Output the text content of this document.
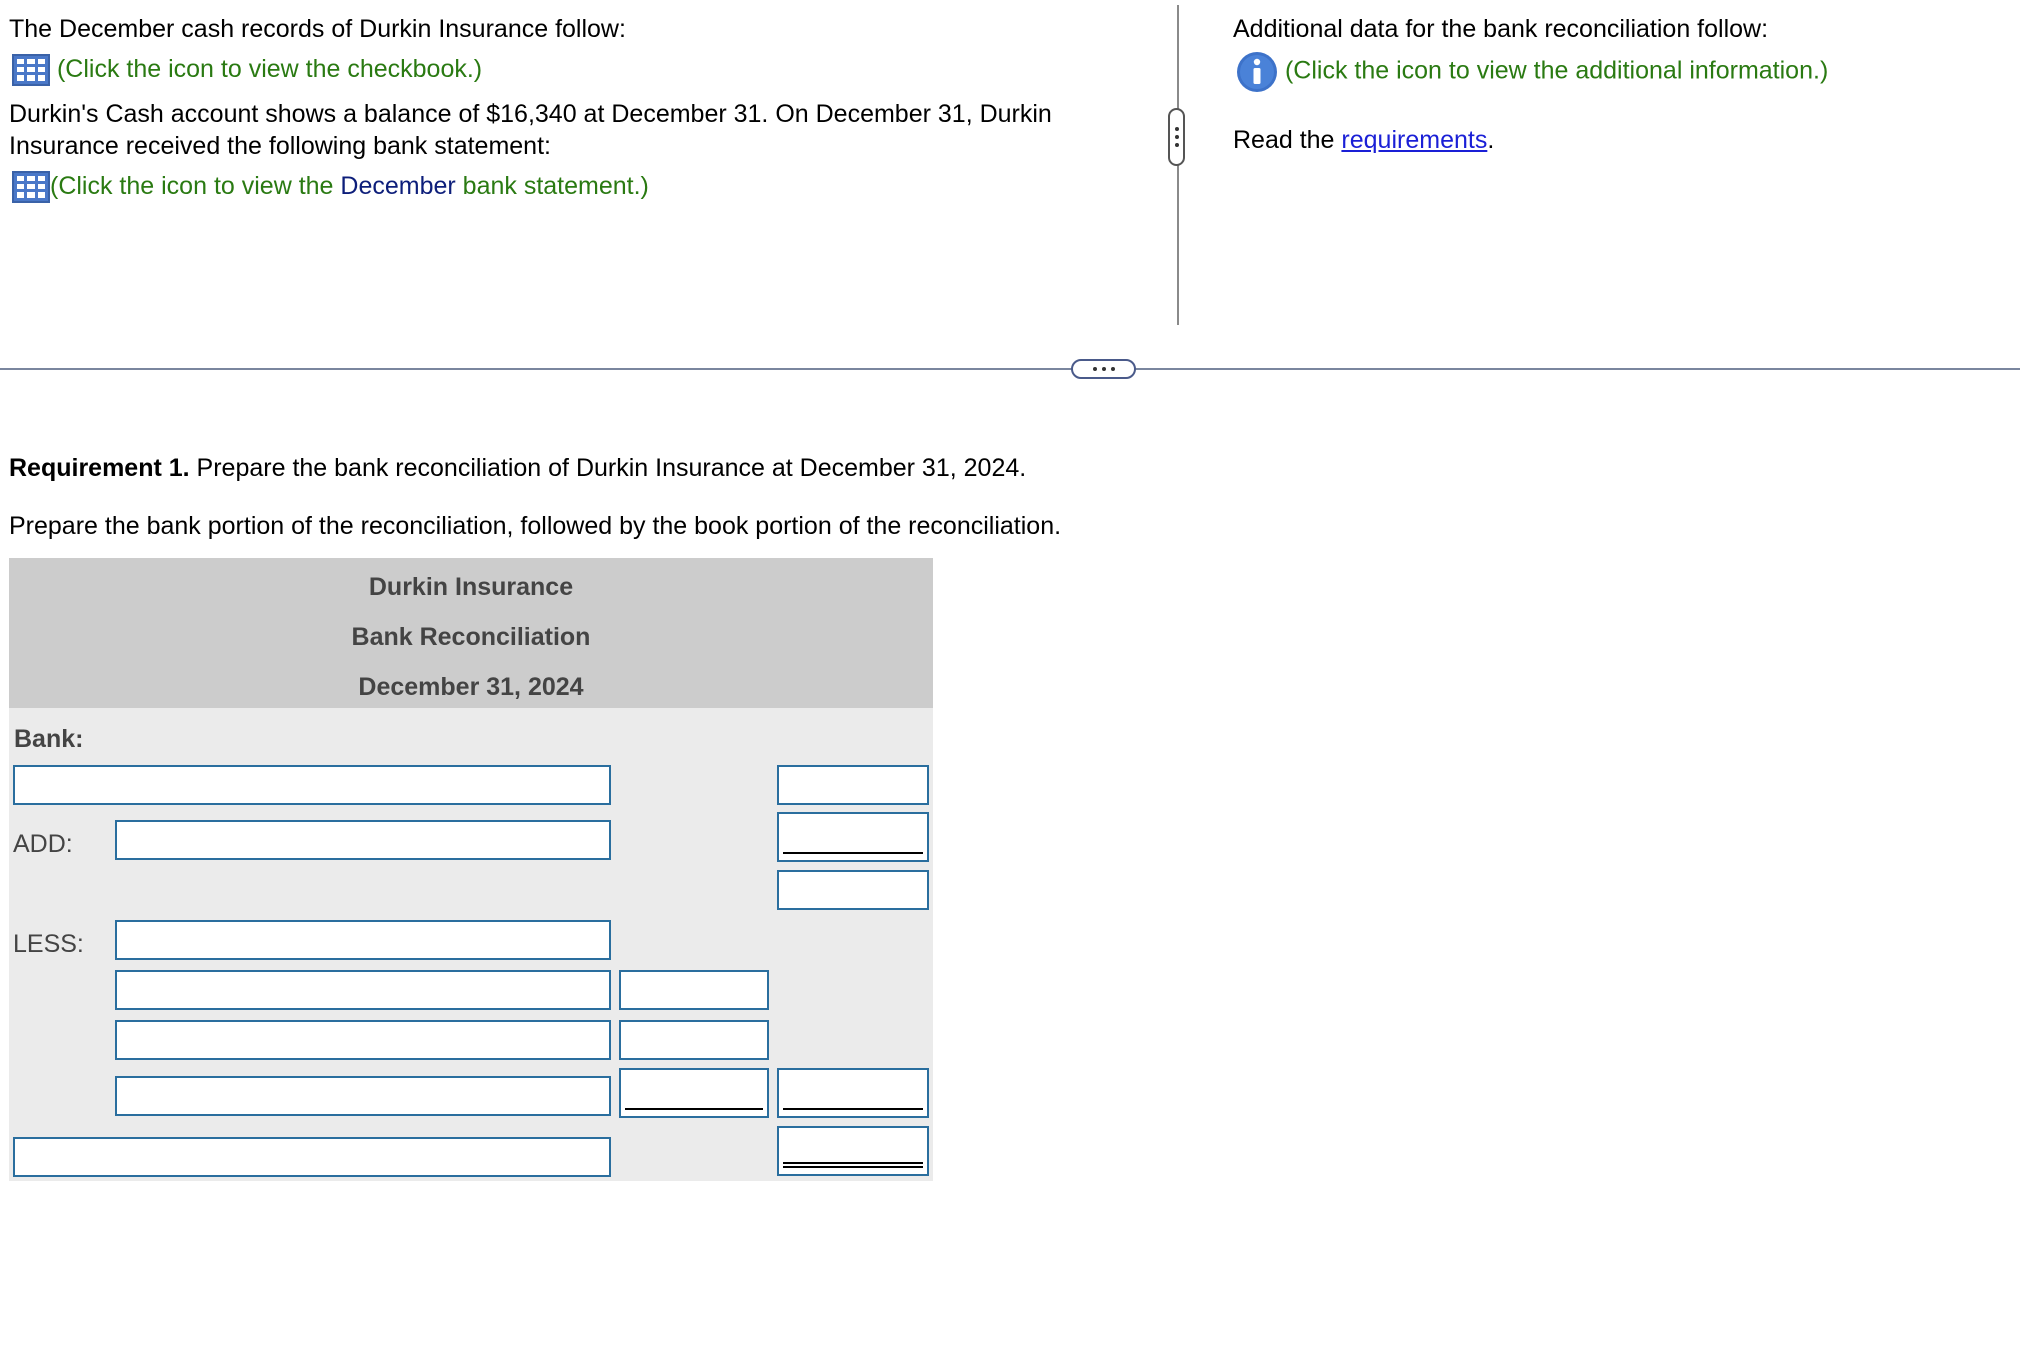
The December cash records of Durkin Insurance follow:
(Click the icon to view the checkbook.)
Durkin's Cash account shows a balance of $16,340 at December 31. On December 31, Durkin
Insurance received the following bank statement:
(Click the icon to view the December bank statement.)
Additional data for the bank reconciliation follow:
(Click the icon to view the additional information.)
Read the requirements.
Requirement 1. Prepare the bank reconciliation of Durkin Insurance at December 31, 2024.
Prepare the bank portion of the reconciliation, followed by the book portion of the reconciliation.
Durkin Insurance
Bank Reconciliation
December 31, 2024
Bank:
ADD:
LESS:
